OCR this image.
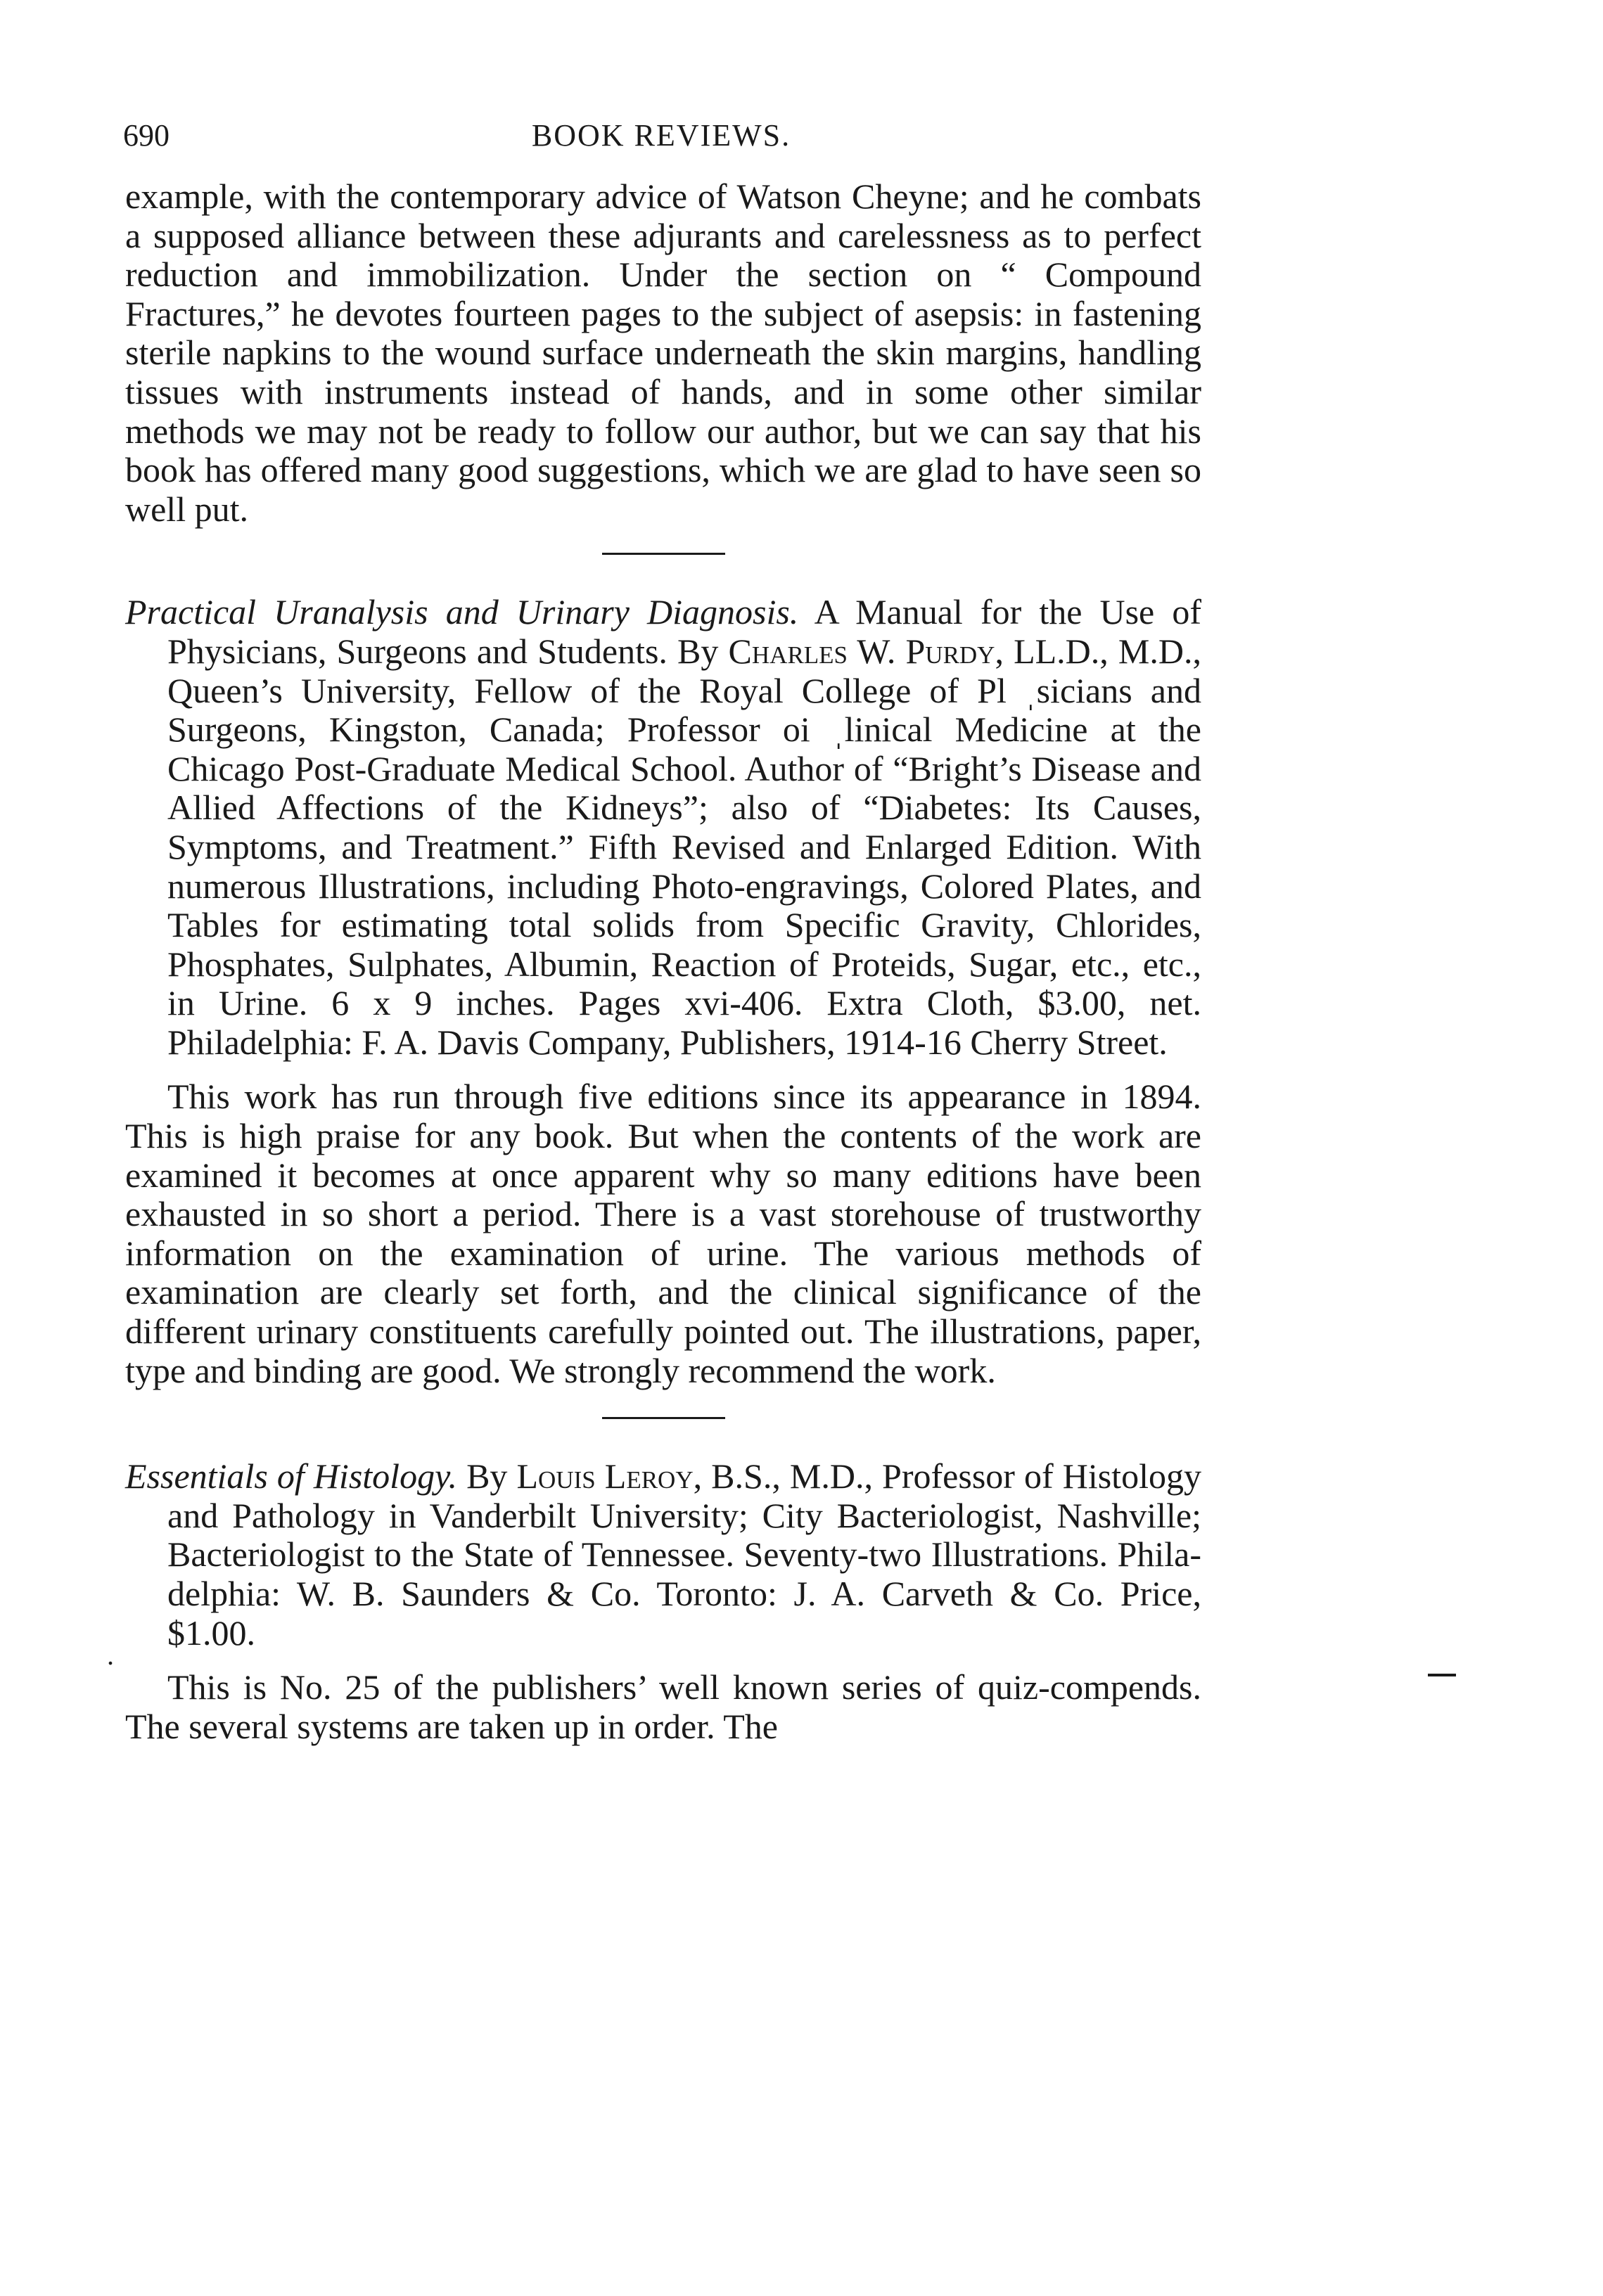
690	BOOK REVIEWS.

example, with the contemporary advice of Watson Cheyne; and he combats a supposed alliance between these adjurants and carelessness as to perfect reduction and immobilization. Under the section on “ Compound Fractures,” he devotes fourteen pages to the subject of asepsis: in fastening sterile napkins to the wound surface underneath the skin margins, handling tissues with instruments instead of hands, and in some other similar methods we may not be ready to follow our author, but we can say that his book has offered many good suggestions, which we are glad to have seen so well put.

Practical Uranalysis and Urinary Diagnosis. A Manual for the Use of Physicians, Surgeons and Students. By Charles W. Purdy, LL.D., M.D., Queen’s University, Fellow of the Royal College of Pl ˌsicians and Surgeons, Kingston, Canada; Professor oi ˌlinical Medicine at the Chicago Post-Graduate Medical School. Author of “Bright’s Disease and Allied Affections of the Kidneys”; also of “Diabetes: Its Causes, Symptoms, and Treatment.” Fifth Revised and Enlarged Edition. With numerous Illustrations, including Photo-engravings, Colored Plates, and Tables for estimating total solids from Specific Gravity, Chlorides, Phosphates, Sulphates, Albumin, Reaction of Proteids, Sugar, etc., etc., in Urine. 6 x 9 inches. Pages xvi-406. Extra Cloth, $3.00, net. Philadelphia: F. A. Davis Company, Publishers, 1914-16 Cherry Street.

This work has run through five editions since its appearance in 1894. This is high praise for any book. But when the contents of the work are examined it becomes at once apparent why so many editions have been exhausted in so short a period. There is a vast storehouse of trustworthy information on the examination of urine. The various methods of examination are clearly set forth, and the clinical significance of the different urinary constituents carefully pointed out. The illustrations, paper, type and binding are good. We strongly recommend the work.

Essentials of Histology. By Louis Leroy, B.S., M.D., Professor of Histology and Pathology in Vanderbilt University; City Bacteriologist, Nashville; Bacteriologist to the State of Tennessee. Seventy-two Illustrations. Philadelphia: W. B. Saunders & Co. Toronto: J. A. Carveth & Co. Price, $1.00.

This is No. 25 of the publishers’ well known series of quiz-compends. The several systems are taken up in order. The

.
